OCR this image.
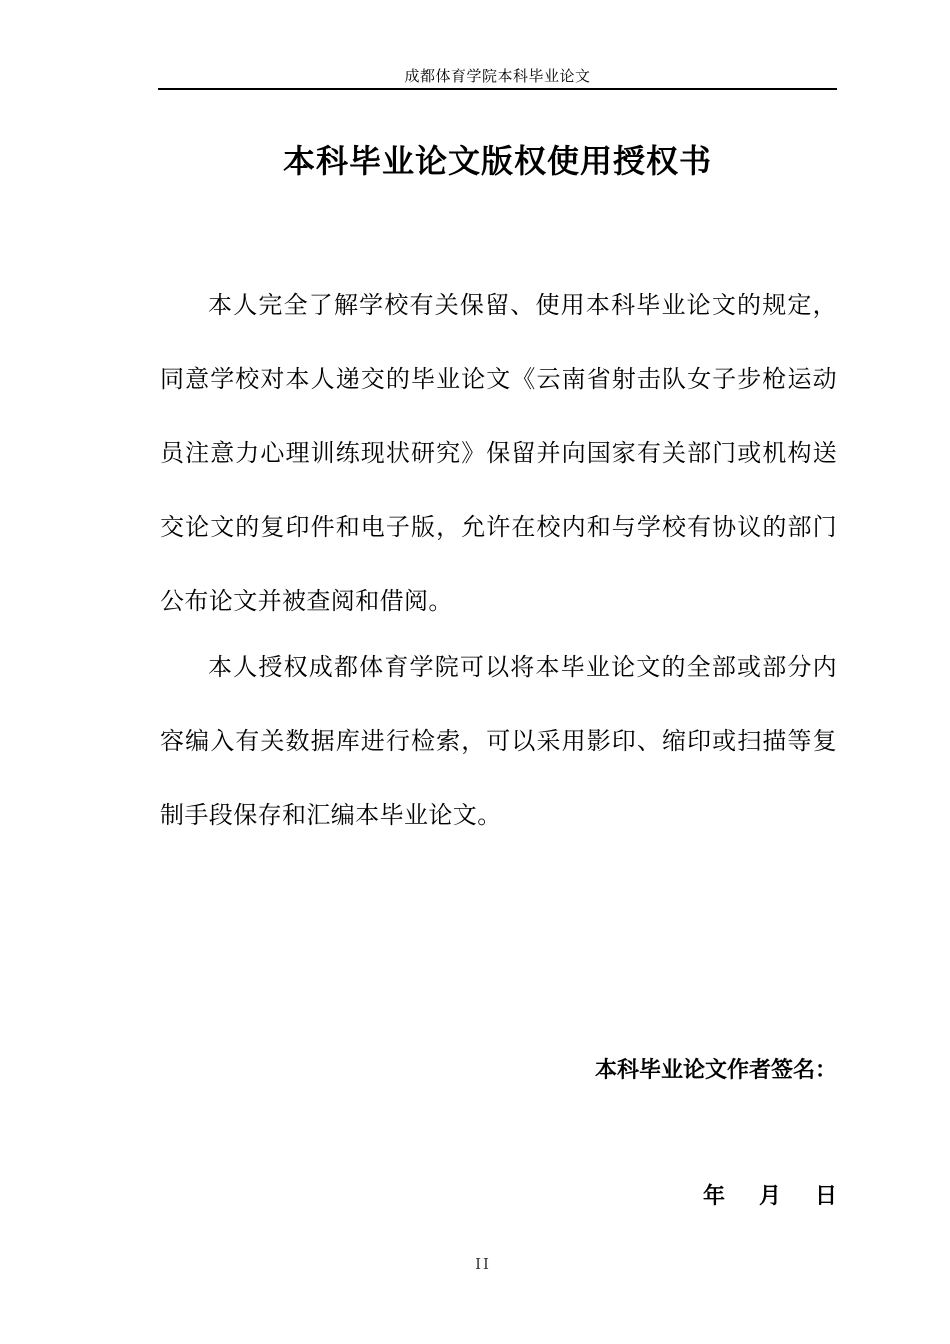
成都体育学院本科毕业论文
本科毕业论文版权使用授权书

本人完全了解学校有关保留、使用本科毕业论文的规定，同意学校对本人递交的毕业论文《云南省射击队女子步枪运动员注意力心理训练现状研究》保留并向国家有关部门或机构送交论文的复印件和电子版，允许在校内和与学校有协议的部门公布论文并被查阅和借阅。

本人授权成都体育学院可以将本毕业论文的全部或部分内容编入有关数据库进行检索，可以采用影印、缩印或扫描等复制手段保存和汇编本毕业论文。

本科毕业论文作者签名：
年 月 日
II
